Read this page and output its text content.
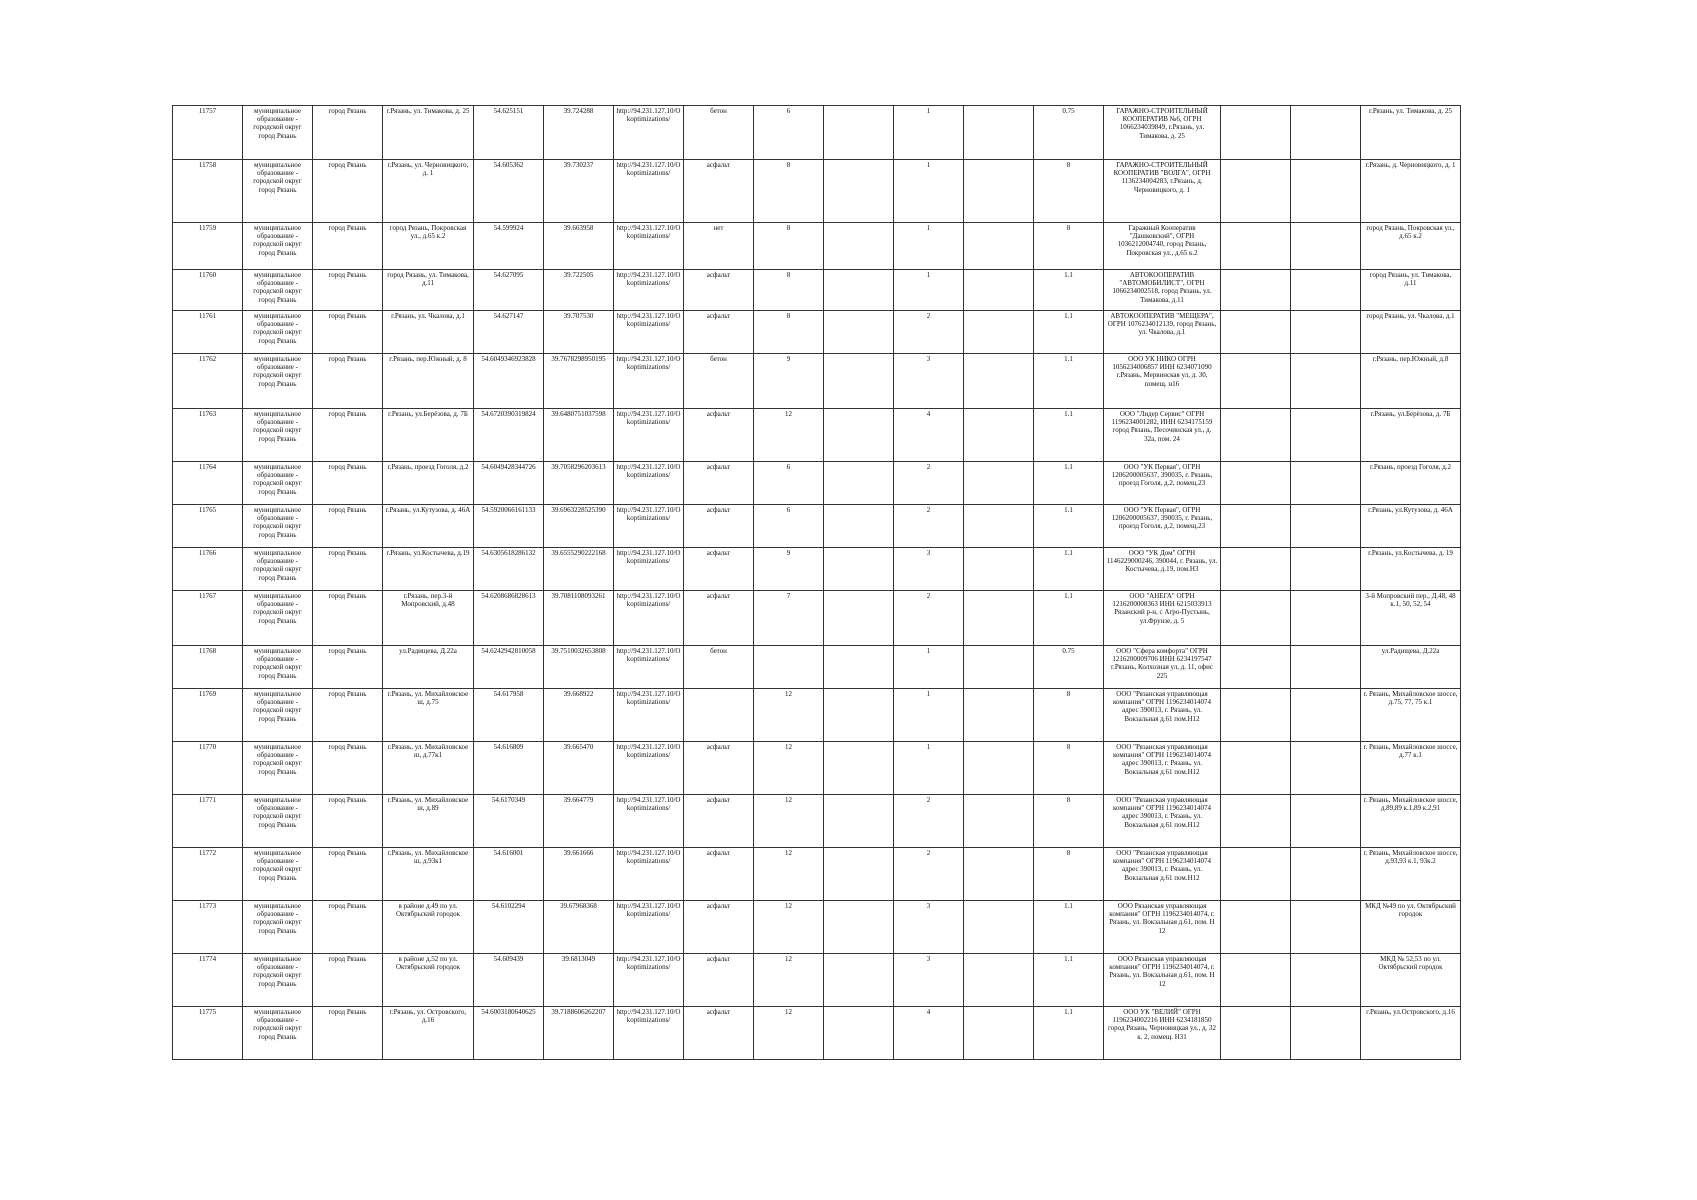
11757	муниципальное образование - городской округ город Рязань	город Рязань	г.Рязань, ул. Тимакова, д. 25	54.625151	39.724288	http://94.231.127.10/Okoptimizations/	бетон	6		1		0.75	ГАРАЖНО-СТРОИТЕЛЬНЫЙ КООПЕРАТИВ №6, ОГРН 1066234039849, г.Рязань, ул. Тимакова, д. 25			г.Рязань, ул. Тимакова, д. 25
11758	муниципальное образование - городской округ город Рязань	город Рязань	г.Рязань, ул. Черновицкого, д. 1	54.605362	39.730237	http://94.231.127.10/Okoptimizations/	асфальт	8		1		8	ГАРАЖНО-СТРОИТЕЛЬНЫЙ КООПЕРАТИВ "ВОЛГА", ОГРН 1136234004283, г.Рязань, д. Черновицкого, д. 1			г.Рязань, д. Черновицкого, д. 1
11759	муниципальное образование - городской округ город Рязань	город Рязань	город Рязань, Покровская ул., д.65 к.2	54.599924	39.663958	http://94.231.127.10/Okoptimizations/	нет	8		1		8	Гаражный Кооператив "Дашковский", ОГРН 1036212004740, город Рязань, Покровская ул., д.65 к.2			город Рязань, Покровская ул., д.65 к.2
11760	муниципальное образование - городской округ город Рязань	город Рязань	город Рязань, ул. Тимакова, д.11	54.627095	39.722505	http://94.231.127.10/Okoptimizations/	асфальт	8		1		1.1	АВТОКООПЕРАТИВ "АВТОМОБИЛИСТ", ОГРН 1066234002518, город Рязань, ул. Тимакова, д.11			город Рязань, ул. Тимакова, д.11
11761	муниципальное образование - городской округ город Рязань	город Рязань	г.Рязань, ул. Чкалова, д.1	54.627147	39.707530	http://94.231.127.10/Okoptimizations/	асфальт	8		2		1.1	АВТОКООПЕРАТИВ "МЕЩЕРА", ОГРН 1076234012139, город Рязань, ул. Чкалова, д.1			город Рязань, ул. Чкалова, д.1
11762	муниципальное образование - городской округ город Рязань	город Рязань	г.Рязань, пер.Южный, д. 8	54.6049346923828	39.7678298950195	http://94.231.127.10/Okoptimizations/	бетон	9		3		1.1	ООО УК НИКО ОГРН 1056234006857 ИНН 6234071090 г.Рязань, Мервинская ул, д. 30, помещ. н16			г.Рязань, пер.Южный, д.8
11763	муниципальное образование - городской округ город Рязань	город Рязань	г.Рязань, ул.Берёзова, д. 7Б	54.6720390319824	39.6480751037598	http://94.231.127.10/Okoptimizations/	асфальт	12		4		1.1	ООО "Лидер Сервис" ОГРН 1196234001282, ИНН 6234175159 город Рязань, Песочинская ул., д. 32а, пом. 24			г.Рязань, ул.Берёзова, д. 7Б
11764	муниципальное образование - городской округ город Рязань	город Рязань	г.Рязань, проезд Гоголя, д.2	54.6049428344726	39.7058296203613	http://94.231.127.10/Okoptimizations/	асфальт	6		2		1.1	ООО "УК Первая", ОГРН 1206200005637, 390035, г. Рязань, проезд Гоголя, д.2, помещ.23			г.Рязань, проезд Гоголя, д.2
11765	муниципальное образование - городской округ город Рязань	город Рязань	г.Рязань, ул.Кутузова, д. 46А	54.5920066161133	39.6963228525390	http://94.231.127.10/Okoptimizations/	асфальт	6		2		1.1	ООО "УК Первая", ОГРН 1206200005637, 390035, г. Рязань, проезд Гоголя, д.2, помещ.23			г.Рязань, ул.Кутузова, д. 46А
11766	муниципальное образование - городской округ город Рязань	город Рязань	г.Рязань, ул.Костычева, д.19	54.6305618286132	39.6555290222168	http://94.231.127.10/Okoptimizations/	асфальт	9		3		1.1	ООО "УК Дом" ОГРН 1146229000246, 390044, г. Рязань, ул. Костычева, д.19, пом.Н3			г.Рязань, ул.Костычева, д. 19
11767	муниципальное образование - городской округ город Рязань	город Рязань	г.Рязань, пер.3-й Мопровский, д.48	54.6208686828613	39.7081108093261	http://94.231.127.10/Okoptimizations/	асфальт	7		2		1.1	ООО "АНЕГА" ОГРН 1216200008363 ИНН 6215033913 Рязанский р-н, с Агро-Пустынь, ул.Фрунзе, д. 5			3-й Мопровский пер., Д.48, 48 к.1, 50, 52, 54
11768	муниципальное образование - городской округ город Рязань	город Рязань	ул.Радищева, Д.22а	54.6242942810058	39.7510032653808	http://94.231.127.10/Okoptimizations/	бетон			1		0.75	ООО "Сфера комфорта" ОГРН 1216200009706 ИНН 6234197547 г.Рязань, Колхозная ул, д. 11, офис 225			ул.Радищева, Д.22а
11769	муниципальное образование - городской округ город Рязань	город Рязань	г.Рязань, ул. Михайловское ш, д.75	54.617958	39.668922	http://94.231.127.10/Okoptimizations/		12		1		8	ООО "Рязанская управляющая компания" ОГРН 1196234014074 адрес 390013, г. Рязань, ул. Вокзальная д.61 пом.Н12			г. Рязань, Михайловское шоссе, д.75, 77, 75 к.1
11770	муниципальное образование - городской округ город Рязань	город Рязань	г.Рязань, ул. Михайловское ш, д.77к1	54.616809	39.665470	http://94.231.127.10/Okoptimizations/	асфальт	12		1		8	ООО "Рязанская управляющая компания" ОГРН 1196234014074 адрес 390013, г. Рязань, ул. Вокзальная д.61 пом.Н12			г. Рязань, Михайловское шоссе, д.77 к.1
11771	муниципальное образование - городской округ город Рязань	город Рязань	г.Рязань, ул. Михайловское ш, д.89	54.6170349	39.664779	http://94.231.127.10/Okoptimizations/	асфальт	12		2		8	ООО "Рязанская управляющая компания" ОГРН 1196234014074 адрес 390013, г. Рязань, ул. Вокзальная д.61 пом.Н12			г. Рязань, Михайловское шоссе, д.89,89 к.1,89 к.2,91
11772	муниципальное образование - городской округ город Рязань	город Рязань	г.Рязань, ул. Михайловское ш, д.93к1	54.616001	39.661666	http://94.231.127.10/Okoptimizations/	асфальт	12		2		8	ООО "Рязанская управляющая компания" ОГРН 1196234014074 адрес 390013, г. Рязань, ул. Вокзальная д.61 пом.Н12			г. Рязань, Михайловское шоссе, д.93,93 к.1, 93к.2
11773	муниципальное образование - городской округ город Рязань	город Рязань	в районе д.49 по ул. Октябрьский городок	54.6102294	39.67968368	http://94.231.127.10/Okoptimizations/	асфальт	12		3		1.1	ООО Рязанская управляющая компания" ОГРН 1196234014074, г. Рязань, ул. Вокзальная д.61, пом. Н 12			МКД №49 по ул. Октябрьский городок
11774	муниципальное образование - городской округ город Рязань	город Рязань	в районе д.52 по ул. Октябрьский городок	54.609439	39.6813049	http://94.231.127.10/Okoptimizations/	асфальт	12		3		1.1	ООО Рязанская управляющая компания" ОГРН 1196234014074, г. Рязань, ул. Вокзальная д.61, пом. Н 12			МКД № 52,53 по ул. Октябрьский городок
11775	муниципальное образование - городской округ город Рязань	город Рязань	г.Рязань, ул. Островского, д.16	54.6003180640625	39.7188606262207	http://94.231.127.10/Okoptimizations/	асфальт	12		4		1.1	ООО УК "ВЕЛИЙ" ОГРН 1196234002216 ИНН 6234181850 город Рязань, Черновицкая ул., д. 32 к. 2, помещ. Н31			г.Рязань, ул.Островского, д.16
